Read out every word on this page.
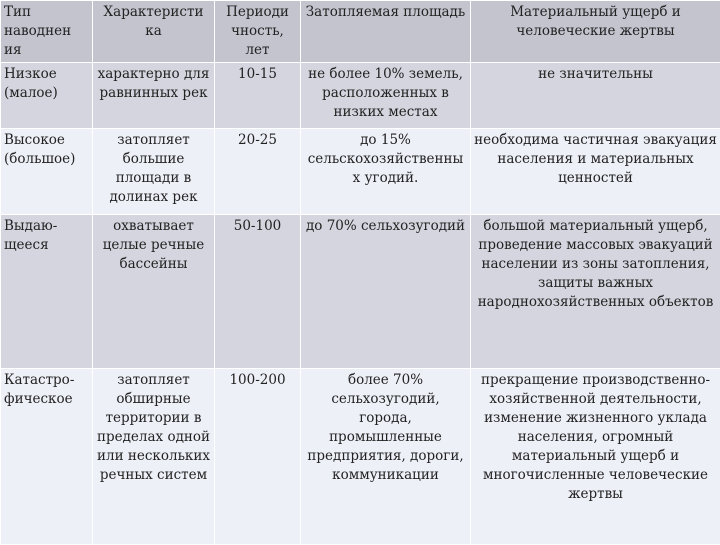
Тип наводнен ия	Характеристи ка	Периоди чность, лет	Затопляемая площадь	Материальный ущерб и человеческие жертвы
Низкое (малое)	характерно для равнинных рек	10-15	не более 10% земель, расположенных в низких местах	не значительны
Высокое (большое)	затопляет большие площади в долинах рек	20-25	до 15% сельскохозяйственны х угодий.	необходима частичная эвакуация населения и материальных ценностей
Выдаю-щееся	охватывает целые речные бассейны	50-100	до 70% сельхозугодий	большой материальный ущерб, проведение массовых эвакуаций населении из зоны затопления, защиты важных народнохозяйственных объектов
Катастро-фическое	затопляет обширные территории в пределах одной или нескольких речных систем	100-200	более 70% сельхозугодий, города, промышленные предприятия, дороги, коммуникации	прекращение производственно-хозяйственной деятельности, изменение жизненного уклада населения, огромный материальный ущерб и многочисленные человеческие жертвы
